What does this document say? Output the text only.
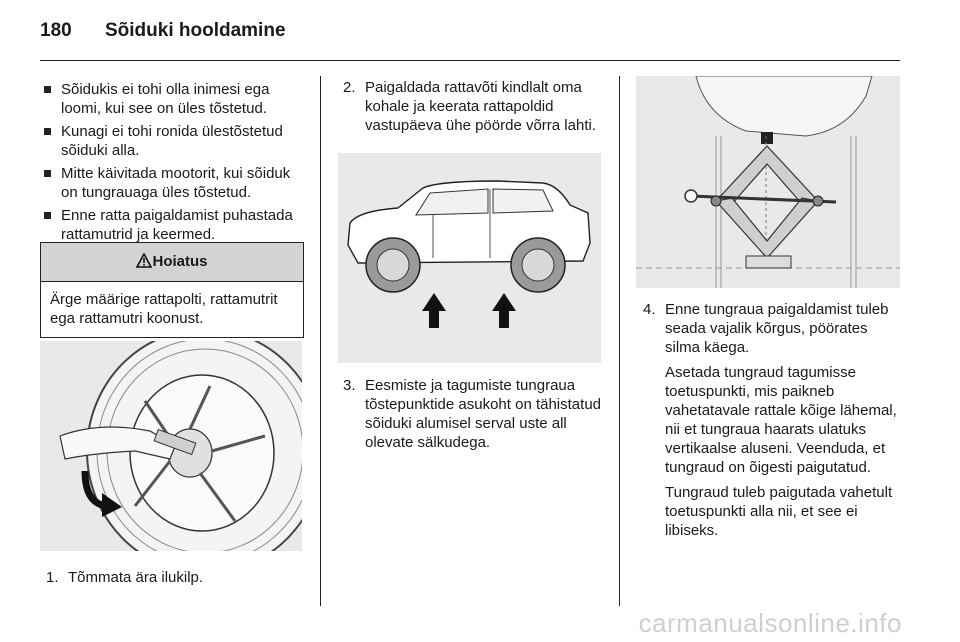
180 Sõiduki hooldamine
Sõidukis ei tohi olla inimesi ega loomi, kui see on üles tõstetud.
Kunagi ei tohi ronida ülestõstetud sõiduki alla.
Mitte käivitada mootorit, kui sõiduk on tungrauaga üles tõstetud.
Enne ratta paigaldamist puhastada rattamutrid ja keermed.
Hoiatus
Ärge määrige rattapolti, rattamutrit ega rattamutri koonust.
1. Tõmmata ära ilukilp.
2. Paigaldada rattavõti kindlalt oma kohale ja keerata rattapoldid vastupäeva ühe pöörde võrra lahti.
3. Eesmiste ja tagumiste tungraua tõstepunktide asukoht on tähistatud sõiduki alumisel serval uste all olevate sälkudega.
4. Enne tungraua paigaldamist tuleb seada vajalik kõrgus, pöörates silma käega.

Asetada tungraud tagumisse toetuspunkti, mis paikneb vahetatavale rattale kõige lähemal, nii et tungraua haarats ulatuks vertikaalse aluseni. Veenduda, et tungraud on õigesti paigutatud.

Tungraud tuleb paigutada vahetult toetuspunkti alla nii, et see ei libiseks.

carmanualsonline.info
